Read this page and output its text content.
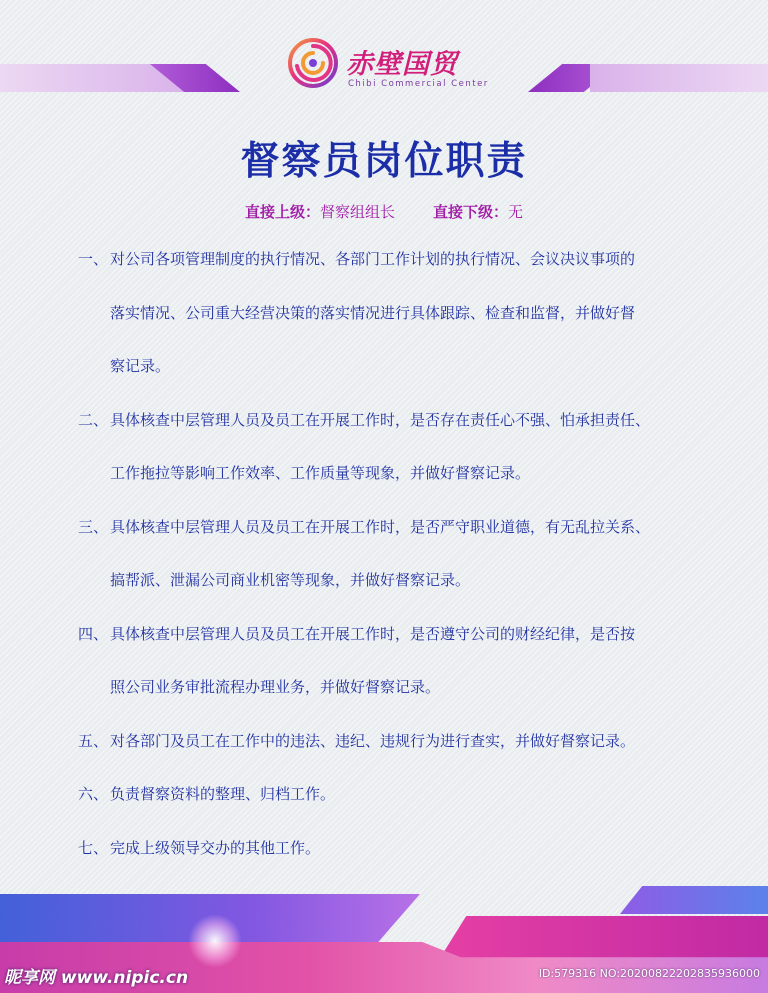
赤壁国贸
Chibi Commercial Center
督察员岗位职责
直接上级：督察组组长	直接下级：无
一、 对公司各项管理制度的执行情况、各部门工作计划的执行情况、会议决议事项的
落实情况、公司重大经营决策的落实情况进行具体跟踪、检查和监督，并做好督
察记录。
二、 具体核查中层管理人员及员工在开展工作时，是否存在责任心不强、怕承担责任、
工作拖拉等影响工作效率、工作质量等现象，并做好督察记录。
三、 具体核查中层管理人员及员工在开展工作时，是否严守职业道德，有无乱拉关系、
搞帮派、泄漏公司商业机密等现象，并做好督察记录。
四、 具体核查中层管理人员及员工在开展工作时，是否遵守公司的财经纪律，是否按
照公司业务审批流程办理业务，并做好督察记录。
五、 对各部门及员工在工作中的违法、违纪、违规行为进行查实，并做好督察记录。
六、 负责督察资料的整理、归档工作。
七、 完成上级领导交办的其他工作。
昵享网 www.nipic.cn	ID:579316 NO:20200822202835936000
